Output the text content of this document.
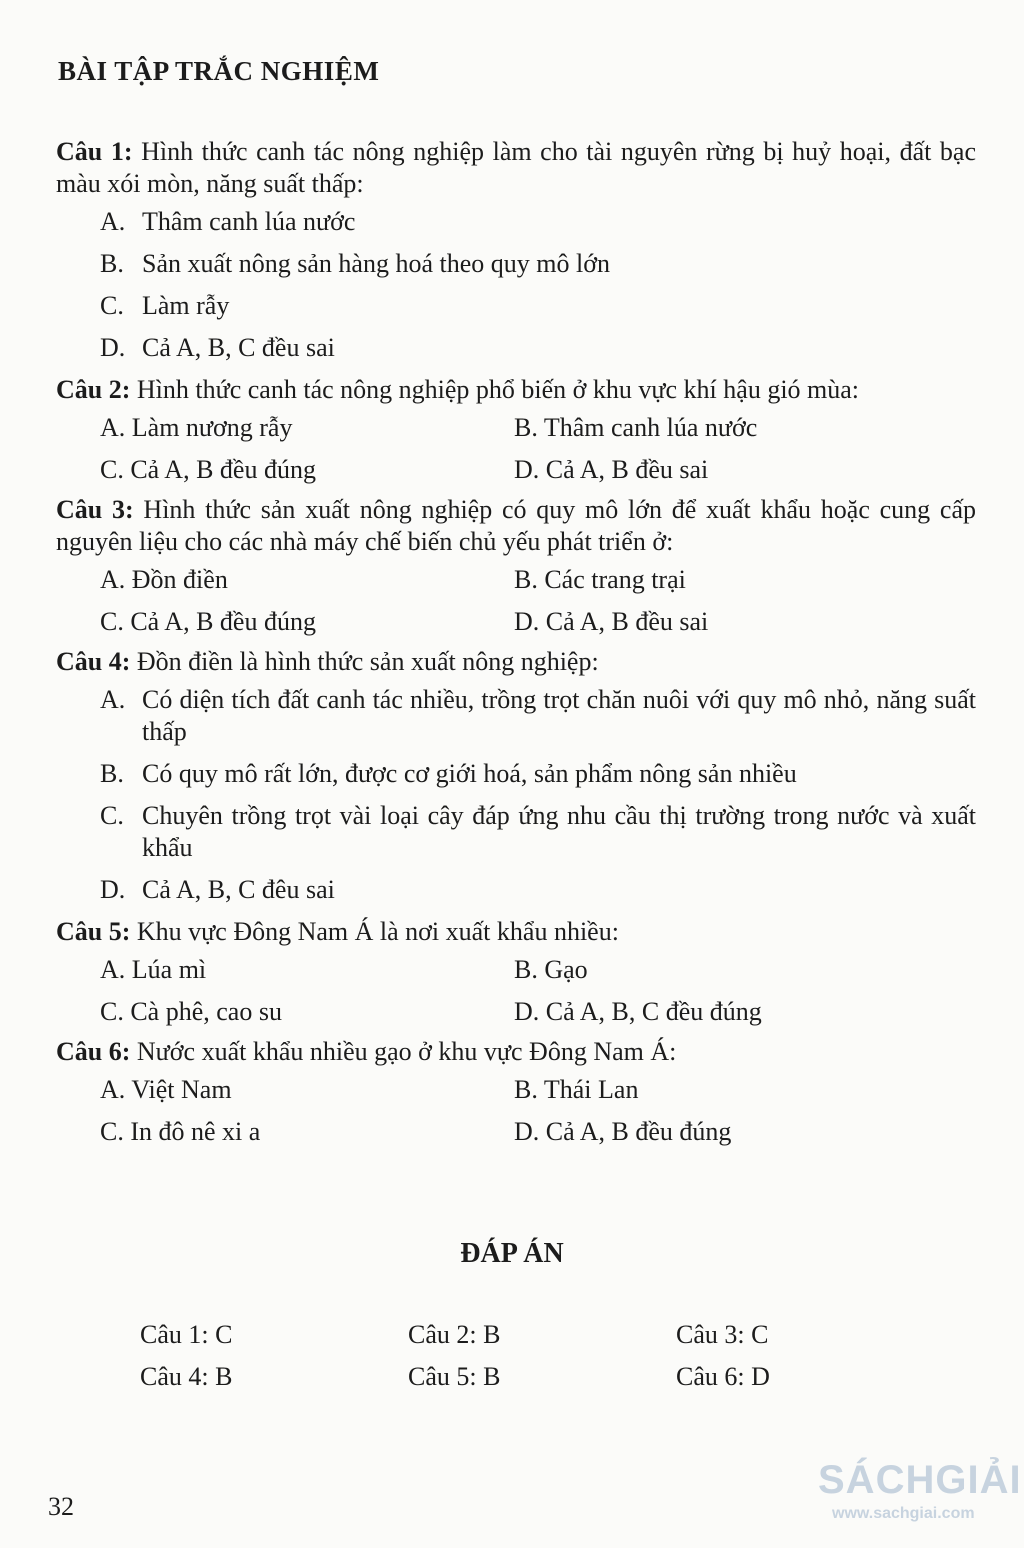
BÀI TẬP TRẮC NGHIỆM
Câu 1: Hình thức canh tác nông nghiệp làm cho tài nguyên rừng bị huỷ hoại, đất bạc màu xói mòn, năng suất thấp:
A. Thâm canh lúa nước
B. Sản xuất nông sản hàng hoá theo quy mô lớn
C. Làm rẫy
D. Cả A, B, C đều sai
Câu 2: Hình thức canh tác nông nghiệp phổ biến ở khu vực khí hậu gió mùa:
A. Làm nương rẫy	B. Thâm canh lúa nước
C. Cả A, B đều đúng	D. Cả A, B đều sai
Câu 3: Hình thức sản xuất nông nghiệp có quy mô lớn để xuất khẩu hoặc cung cấp nguyên liệu cho các nhà máy chế biến chủ yếu phát triển ở:
A. Đồn điền	B. Các trang trại
C. Cả A, B đều đúng	D. Cả A, B đều sai
Câu 4: Đồn điền là hình thức sản xuất nông nghiệp:
A. Có diện tích đất canh tác nhiều, trồng trọt chăn nuôi với quy mô nhỏ, năng suất thấp
B. Có quy mô rất lớn, được cơ giới hoá, sản phẩm nông sản nhiều
C. Chuyên trồng trọt vài loại cây đáp ứng nhu cầu thị trường trong nước và xuất khẩu
D. Cả A, B, C đêu sai
Câu 5: Khu vực Đông Nam Á là nơi xuất khẩu nhiều:
A. Lúa mì	B. Gạo
C. Cà phê, cao su	D. Cả A, B, C đều đúng
Câu 6: Nước xuất khẩu nhiều gạo ở khu vực Đông Nam Á:
A. Việt Nam	B. Thái Lan
C. In đô nê xi a	D. Cả A, B đều đúng
ĐÁP ÁN
Câu 1: C	Câu 2: B	Câu 3: C
Câu 4: B	Câu 5: B	Câu 6: D
32
SÁCHGIẢI
www.sachgiai.com
